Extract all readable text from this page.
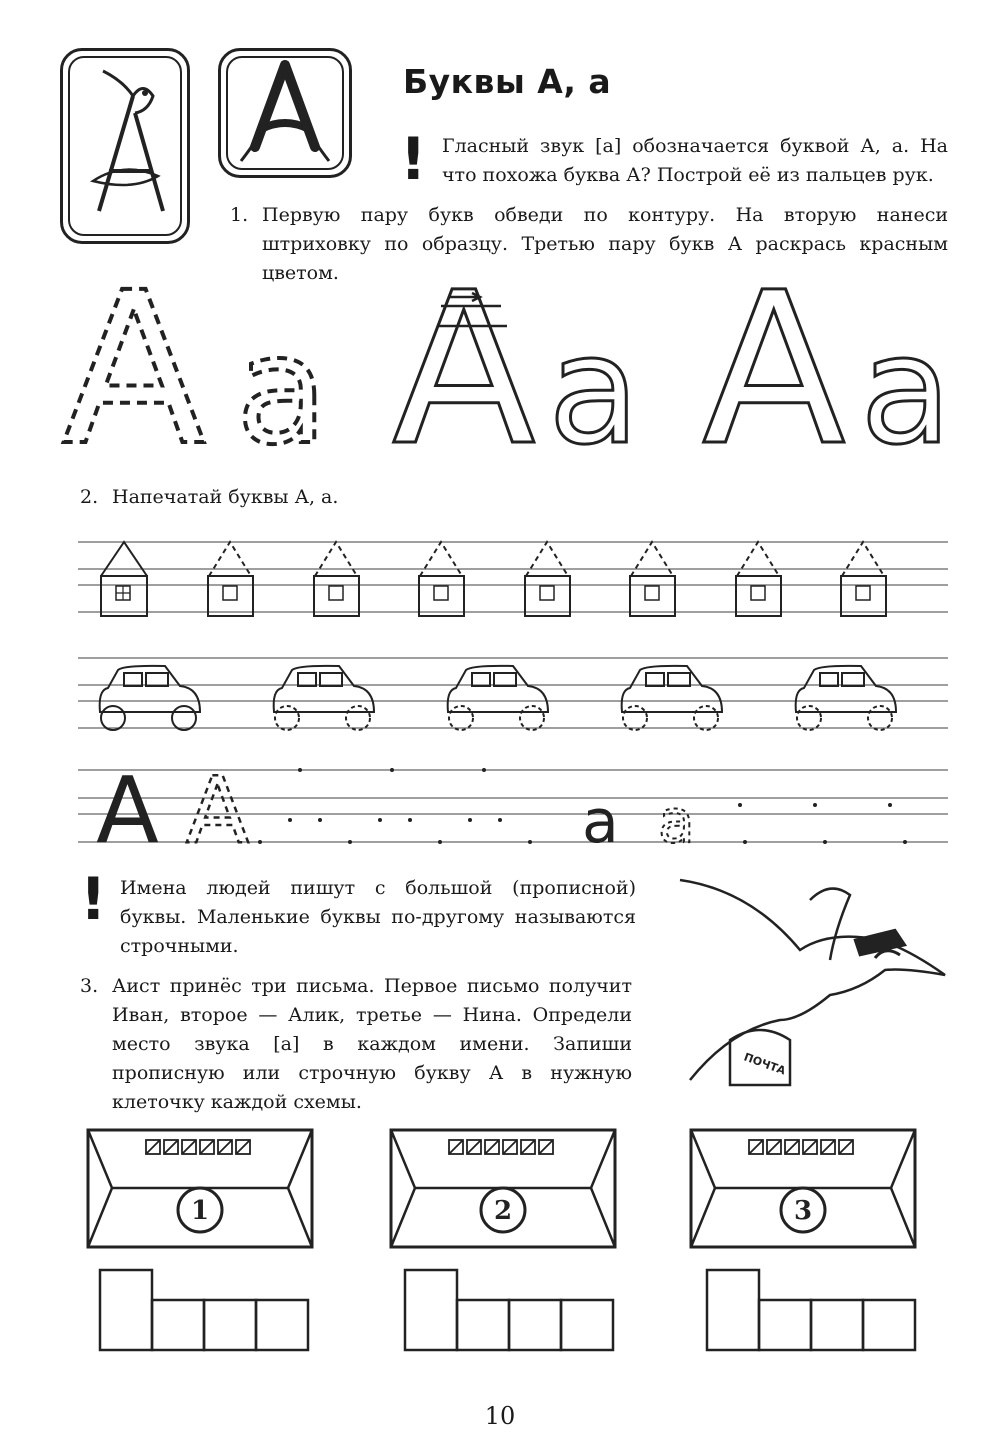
Буквы А, а
! Гласный звук [а] обозначается буквой А, а. На что похожа буква А? Построй её из пальцев рук.
1. Первую пару букв обведи по контуру. На вторую нанеси штриховку по образцу. Третью пару букв А раскрась красным цветом.
A a A a A a
2. Напечатай буквы А, а.
A A	a a
! Имена людей пишут с большой (прописной) буквы. Маленькие буквы по-другому называются строчными.
ПОЧТА
3. Аист принёс три письма. Первое письмо получит Иван, второе — Алик, третье — Нина. Определи место звука [а] в каждом имени. Запиши прописную или строчную букву А в нужную клеточку каждой схемы.
1	2	3
10
